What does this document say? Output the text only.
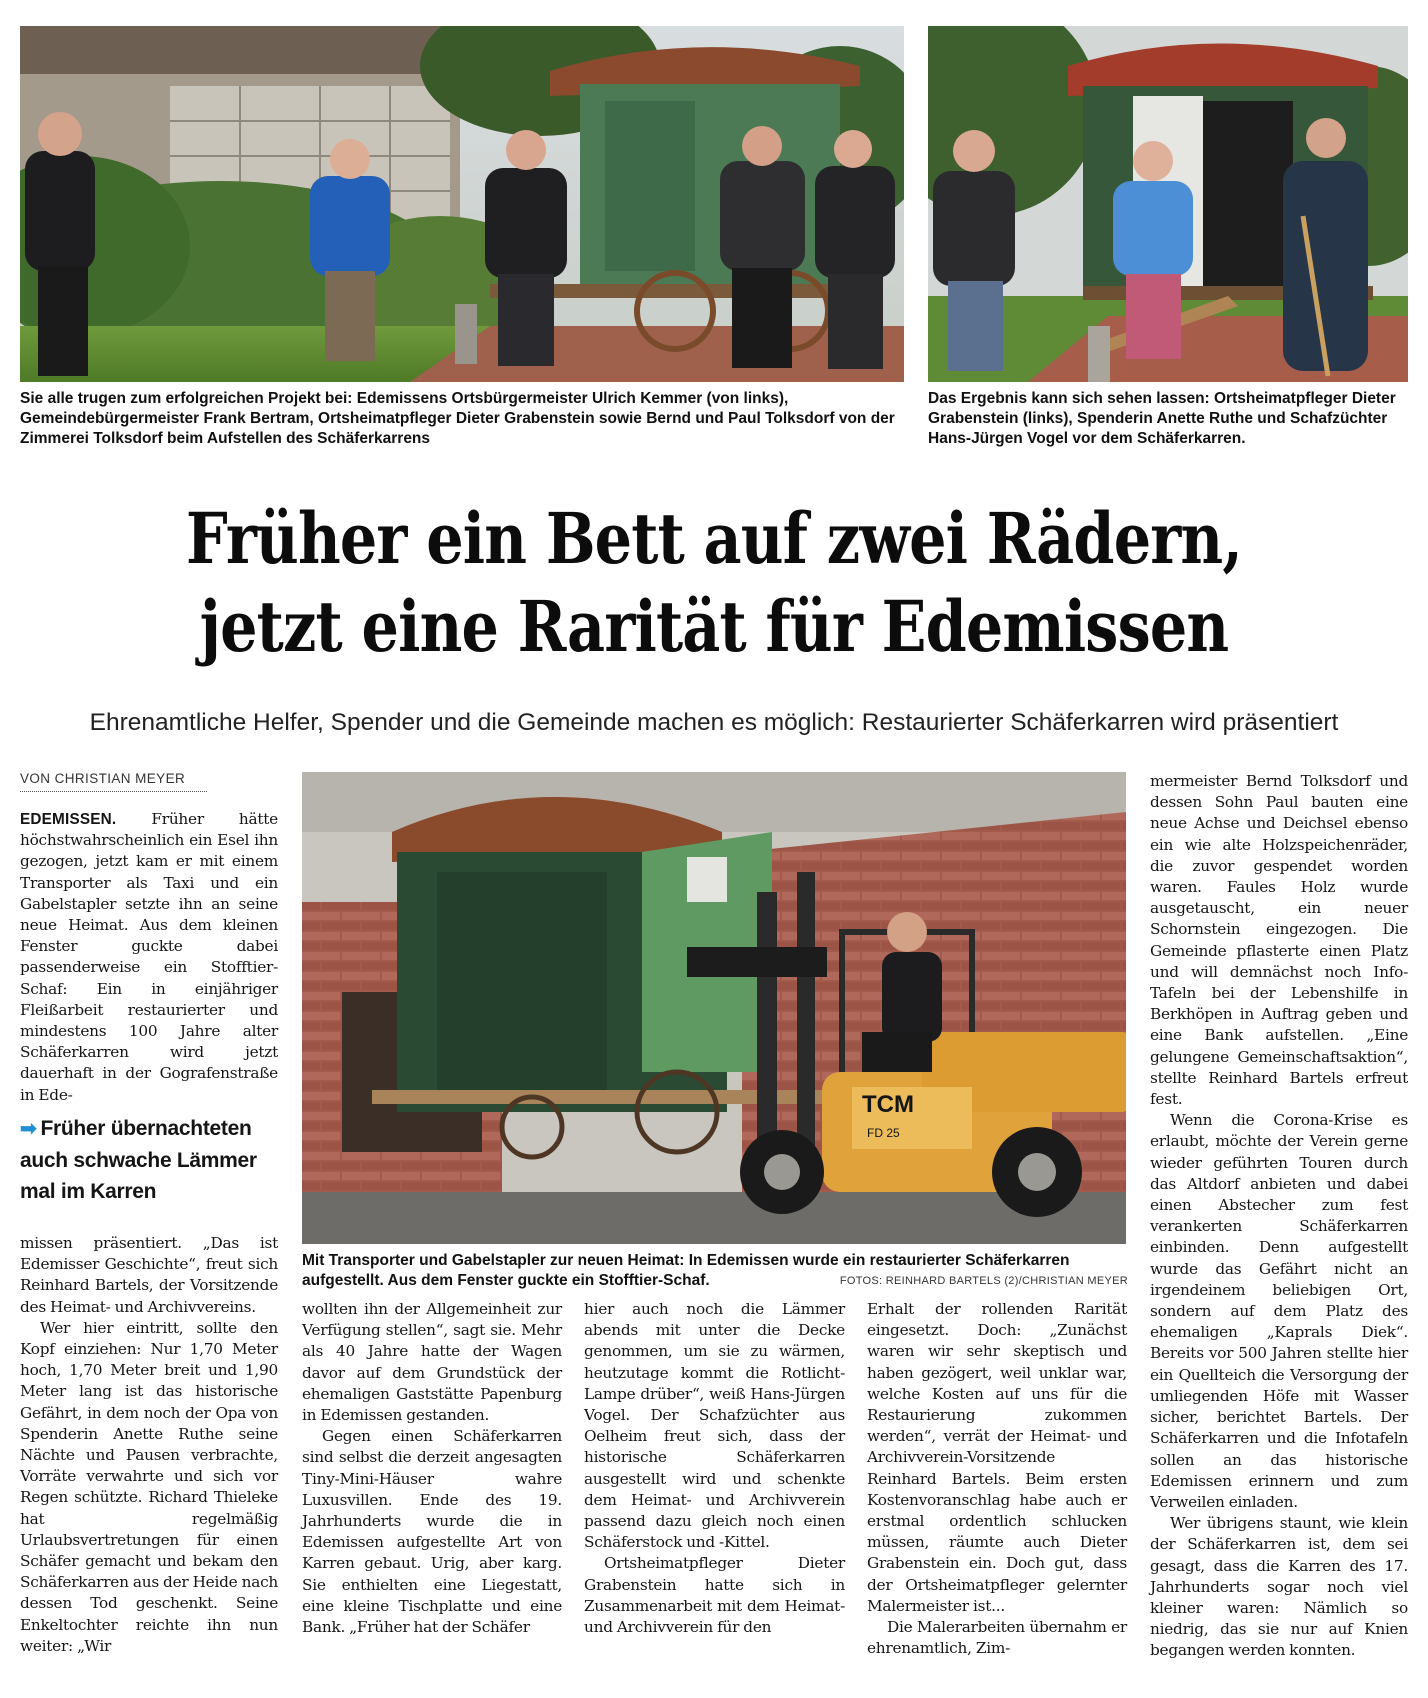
Sie alle trugen zum erfolgreichen Projekt bei: Edemissens Ortsbürgermeister Ulrich Kemmer (von links), Gemeindebürgermeister Frank Bertram, Ortsheimatpfleger Dieter Grabenstein sowie Bernd und Paul Tolksdorf von der Zimmerei Tolksdorf beim Aufstellen des Schäferkarrens

Das Ergebnis kann sich sehen lassen: Ortsheimatpfleger Dieter Grabenstein (links), Spenderin Anette Ruthe und Schafzüchter Hans-Jürgen Vogel vor dem Schäferkarren.

Früher ein Bett auf zwei Rädern,

jetzt eine Rarität für Edemissen

Ehrenamtliche Helfer, Spender und die Gemeinde machen es möglich: Restaurierter Schäferkarren wird präsentiert
VON CHRISTIAN MEYER

EDEMISSEN. Früher hätte höchstwahrscheinlich ein Esel ihn gezogen, jetzt kam er mit einem Transporter als Taxi und ein Gabelstapler setzte ihn an seine neue Heimat. Aus dem kleinen Fenster guckte dabei passenderweise ein Stofftier-Schaf: Ein in einjähriger Fleißarbeit restaurierter und mindestens 100 Jahre alter Schäferkarren wird jetzt dauerhaft in der Gografenstraße in Ede-

➡ Früher übernachteten

auch schwache Lämmer

mal im Karren

missen präsentiert. „Das ist Edemisser Geschichte“, freut sich Reinhard Bartels, der Vorsitzende des Heimat- und Archivvereins.

Wer hier eintritt, sollte den Kopf einziehen: Nur 1,70 Meter hoch, 1,70 Meter breit und 1,90 Meter lang ist das historische Gefährt, in dem noch der Opa von Spenderin Anette Ruthe seine Nächte und Pausen verbrachte, Vorräte verwahrte und sich vor Regen schützte. Richard Thieleke hat regelmäßig Urlaubsvertretungen für einen Schäfer gemacht und bekam den Schäferkarren aus der Heide nach dessen Tod geschenkt. Seine Enkeltochter reichte ihn nun weiter: „Wir

TCM
FD 25

Mit Transporter und Gabelstapler zur neuen Heimat: In Edemissen wurde ein restaurierter Schäferkarren aufgestellt. Aus dem Fenster guckte ein Stofftier-Schaf.	FOTOS: REINHARD BARTELS (2)/CHRISTIAN MEYER

wollten ihn der Allgemeinheit zur Verfügung stellen“, sagt sie. Mehr als 40 Jahre hatte der Wagen davor auf dem Grundstück der ehemaligen Gaststätte Papenburg in Edemissen gestanden.

Gegen einen Schäferkarren sind selbst die derzeit angesagten Tiny-Mini-Häuser wahre Luxusvillen. Ende des 19. Jahrhunderts wurde die in Edemissen aufgestellte Art von Karren gebaut. Urig, aber karg. Sie enthielten eine Liegestatt, eine kleine Tischplatte und eine Bank. „Früher hat der Schäfer

hier auch noch die Lämmer abends mit unter die Decke genommen, um sie zu wärmen, heutzutage kommt die Rotlicht-Lampe drüber“, weiß Hans-Jürgen Vogel. Der Schafzüchter aus Oelheim freut sich, dass der historische Schäferkarren ausgestellt wird und schenkte dem Heimat- und Archivverein passend dazu gleich noch einen Schäferstock und -Kittel.

Ortsheimatpfleger Dieter Grabenstein hatte sich in Zusammenarbeit mit dem Heimat- und Archivverein für den

Erhalt der rollenden Rarität eingesetzt. Doch: „Zunächst waren wir sehr skeptisch und haben gezögert, weil unklar war, welche Kosten auf uns für die Restaurierung zukommen werden“, verrät der Heimat- und Archivverein-Vorsitzende Reinhard Bartels. Beim ersten Kostenvoranschlag habe auch er erstmal ordentlich schlucken müssen, räumte auch Dieter Grabenstein ein. Doch gut, dass der Ortsheimatpfleger gelernter Malermeister ist...

Die Malerarbeiten übernahm er ehrenamtlich, Zim-

mermeister Bernd Tolksdorf und dessen Sohn Paul bauten eine neue Achse und Deichsel ebenso ein wie alte Holzspeichenräder, die zuvor gespendet worden waren. Faules Holz wurde ausgetauscht, ein neuer Schornstein eingezogen. Die Gemeinde pflasterte einen Platz und will demnächst noch Info-Tafeln bei der Lebenshilfe in Berkhöpen in Auftrag geben und eine Bank aufstellen. „Eine gelungene Gemeinschaftsaktion“, stellte Reinhard Bartels erfreut fest.

Wenn die Corona-Krise es erlaubt, möchte der Verein gerne wieder geführten Touren durch das Altdorf anbieten und dabei einen Abstecher zum fest verankerten Schäferkarren einbinden. Denn aufgestellt wurde das Gefährt nicht an irgendeinem beliebigen Ort, sondern auf dem Platz des ehemaligen „Kaprals Diek“. Bereits vor 500 Jahren stellte hier ein Quellteich die Versorgung der umliegenden Höfe mit Wasser sicher, berichtet Bartels. Der Schäferkarren und die Infotafeln sollen an das historische Edemissen erinnern und zum Verweilen einladen.

Wer übrigens staunt, wie klein der Schäferkarren ist, dem sei gesagt, dass die Karren des 17. Jahrhunderts sogar noch viel kleiner waren: Nämlich so niedrig, das sie nur auf Knien begangen werden konnten.
